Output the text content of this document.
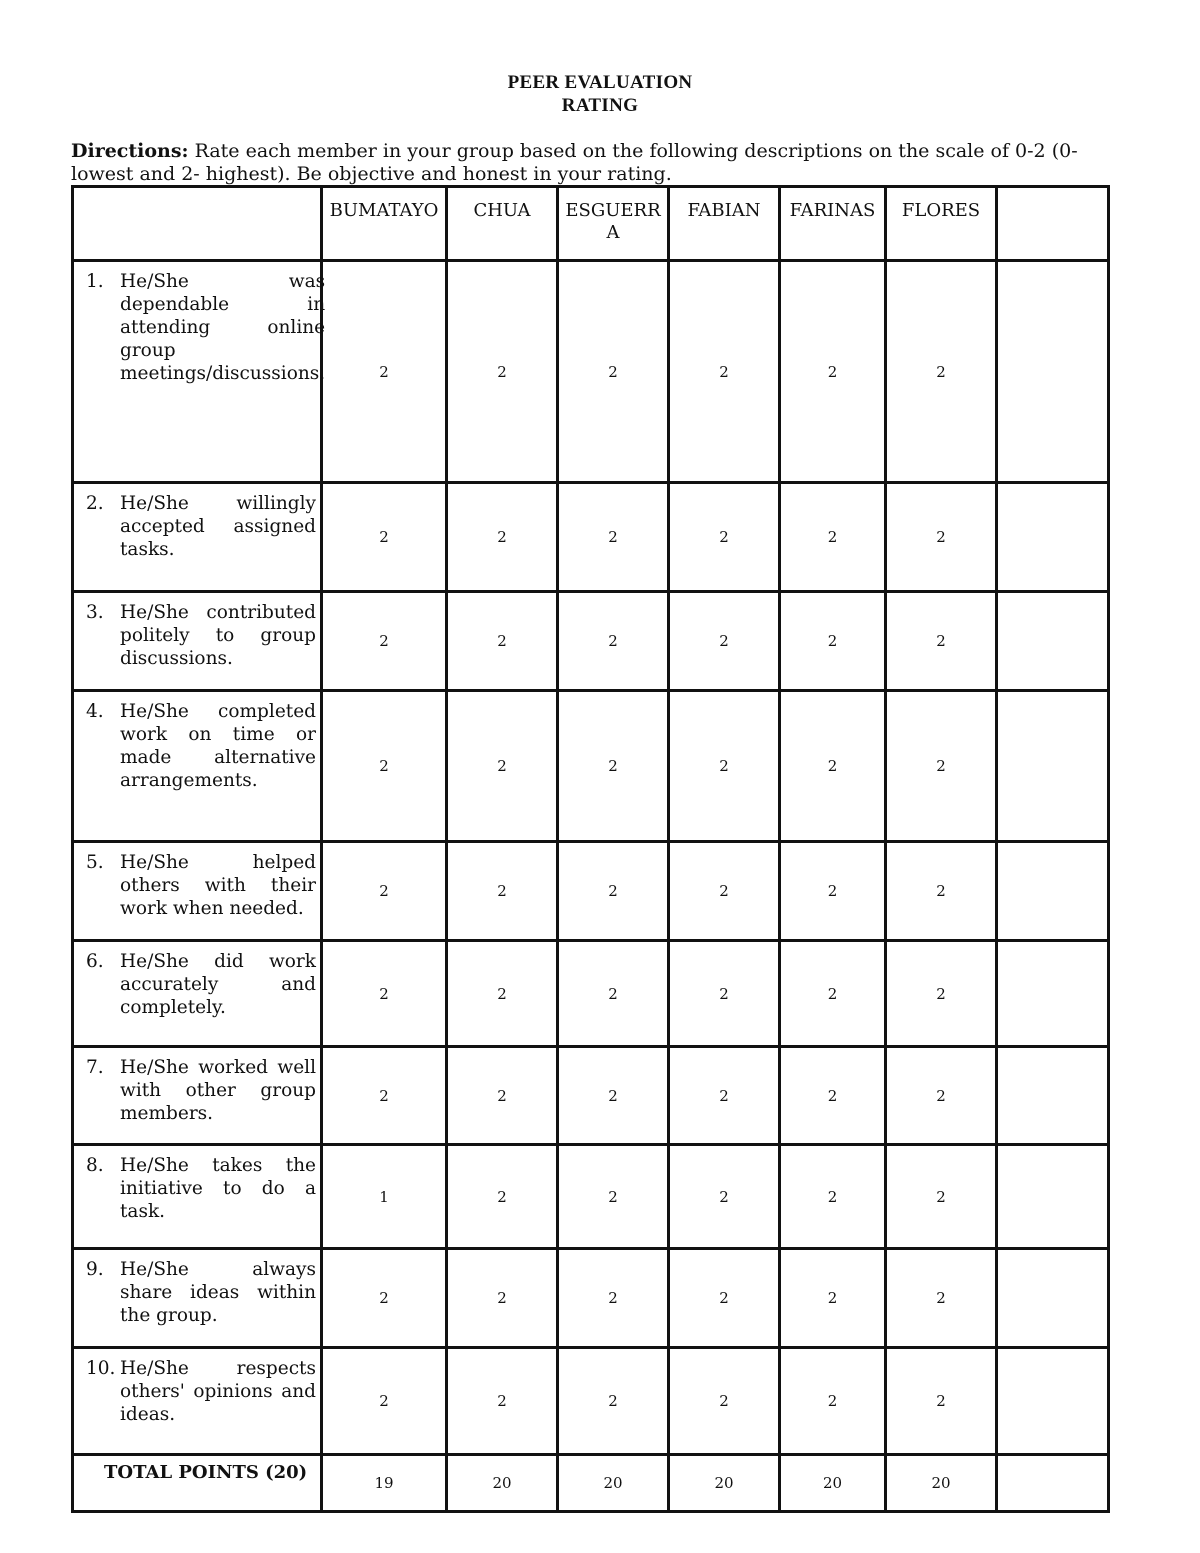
PEER EVALUATION
RATING
Directions: Rate each member in your group based on the following descriptions on the scale of 0-2 (0-lowest and 2- highest). Be objective and honest in your rating.
	BUMATAYO	CHUA	ESGUERRA	FABIAN	FARINAS	FLORES	

1. He/She was dependable in attending online group meetings/discussions.	2	2	2	2	2	2	

2. He/She willingly accepted assigned tasks.	2	2	2	2	2	2	

3. He/She contributed politely to group discussions.	2	2	2	2	2	2	

4. He/She completed work on time or made alternative arrangements.	2	2	2	2	2	2	

5. He/She helped others with their work when needed.	2	2	2	2	2	2	

6. He/She did work accurately and completely.	2	2	2	2	2	2	

7. He/She worked well with other group members.	2	2	2	2	2	2	

8. He/She takes the initiative to do a task.	1	2	2	2	2	2	

9. He/She always share ideas within the group.	2	2	2	2	2	2	

10. He/She respects others' opinions and ideas.	2	2	2	2	2	2	
TOTAL POINTS (20)	19	20	20	20	20	20	
